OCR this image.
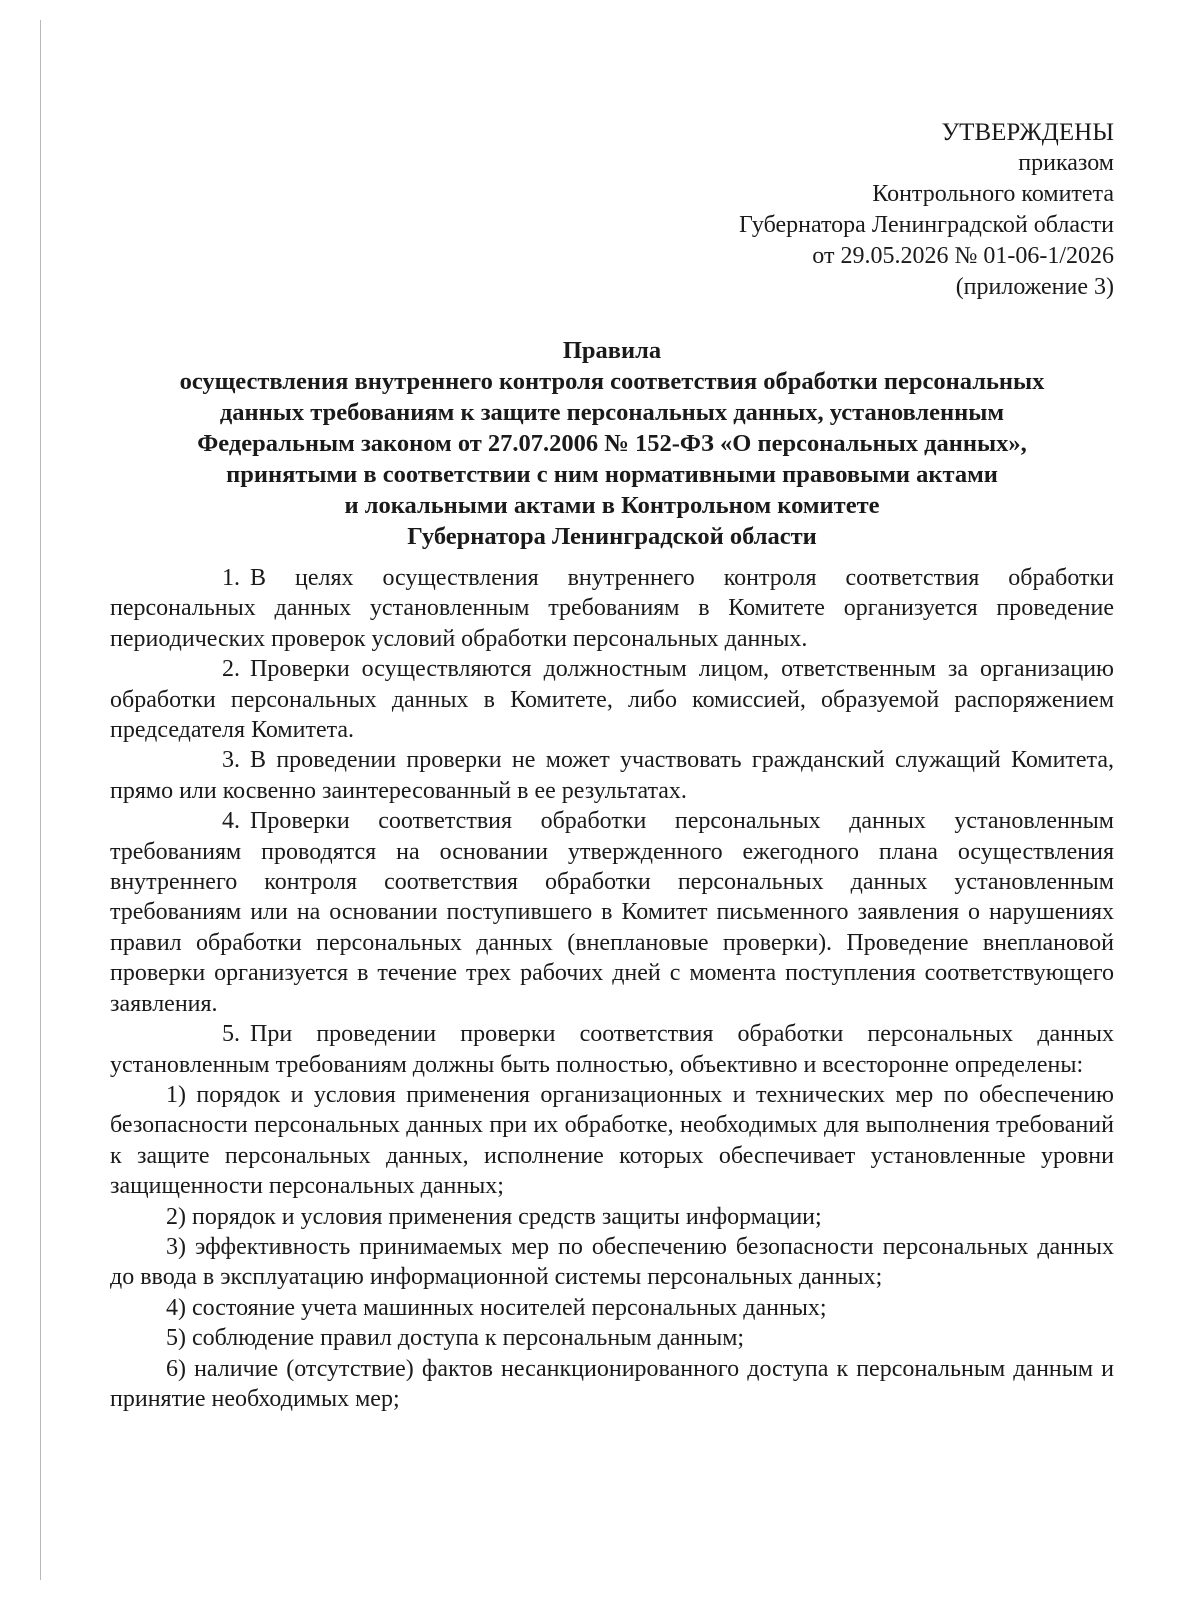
УТВЕРЖДЕНЫ
приказом
Контрольного комитета
Губернатора Ленинградской области
от 29.05.2026 № 01-06-1/2026
(приложение 3)
Правила
осуществления внутреннего контроля соответствия обработки персональных
данных требованиям к защите персональных данных, установленным
Федеральным законом от 27.07.2006 № 152-ФЗ «О персональных данных»,
принятыми в соответствии с ним нормативными правовыми актами
и локальными актами в Контрольном комитете
Губернатора Ленинградской области

1. В целях осуществления внутреннего контроля соответствия обработки персональных данных установленным требованиям в Комитете организуется проведение периодических проверок условий обработки персональных данных.

2. Проверки осуществляются должностным лицом, ответственным за организацию обработки персональных данных в Комитете, либо комиссией, образуемой распоряжением председателя Комитета.

3. В проведении проверки не может участвовать гражданский служащий Комитета, прямо или косвенно заинтересованный в ее результатах.

4. Проверки соответствия обработки персональных данных установленным требованиям проводятся на основании утвержденного ежегодного плана осуществления внутреннего контроля соответствия обработки персональных данных установленным требованиям или на основании поступившего в Комитет письменного заявления о нарушениях правил обработки персональных данных (внеплановые проверки). Проведение внеплановой проверки организуется в течение трех рабочих дней с момента поступления соответствующего заявления.

5. При проведении проверки соответствия обработки персональных данных установленным требованиям должны быть полностью, объективно и всесторонне определены:

1) порядок и условия применения организационных и технических мер по обеспечению безопасности персональных данных при их обработке, необходимых для выполнения требований к защите персональных данных, исполнение которых обеспечивает установленные уровни защищенности персональных данных;

2) порядок и условия применения средств защиты информации;

3) эффективность принимаемых мер по обеспечению безопасности персональных данных до ввода в эксплуатацию информационной системы персональных данных;

4) состояние учета машинных носителей персональных данных;

5) соблюдение правил доступа к персональным данным;

6) наличие (отсутствие) фактов несанкционированного доступа к персональным данным и принятие необходимых мер;
